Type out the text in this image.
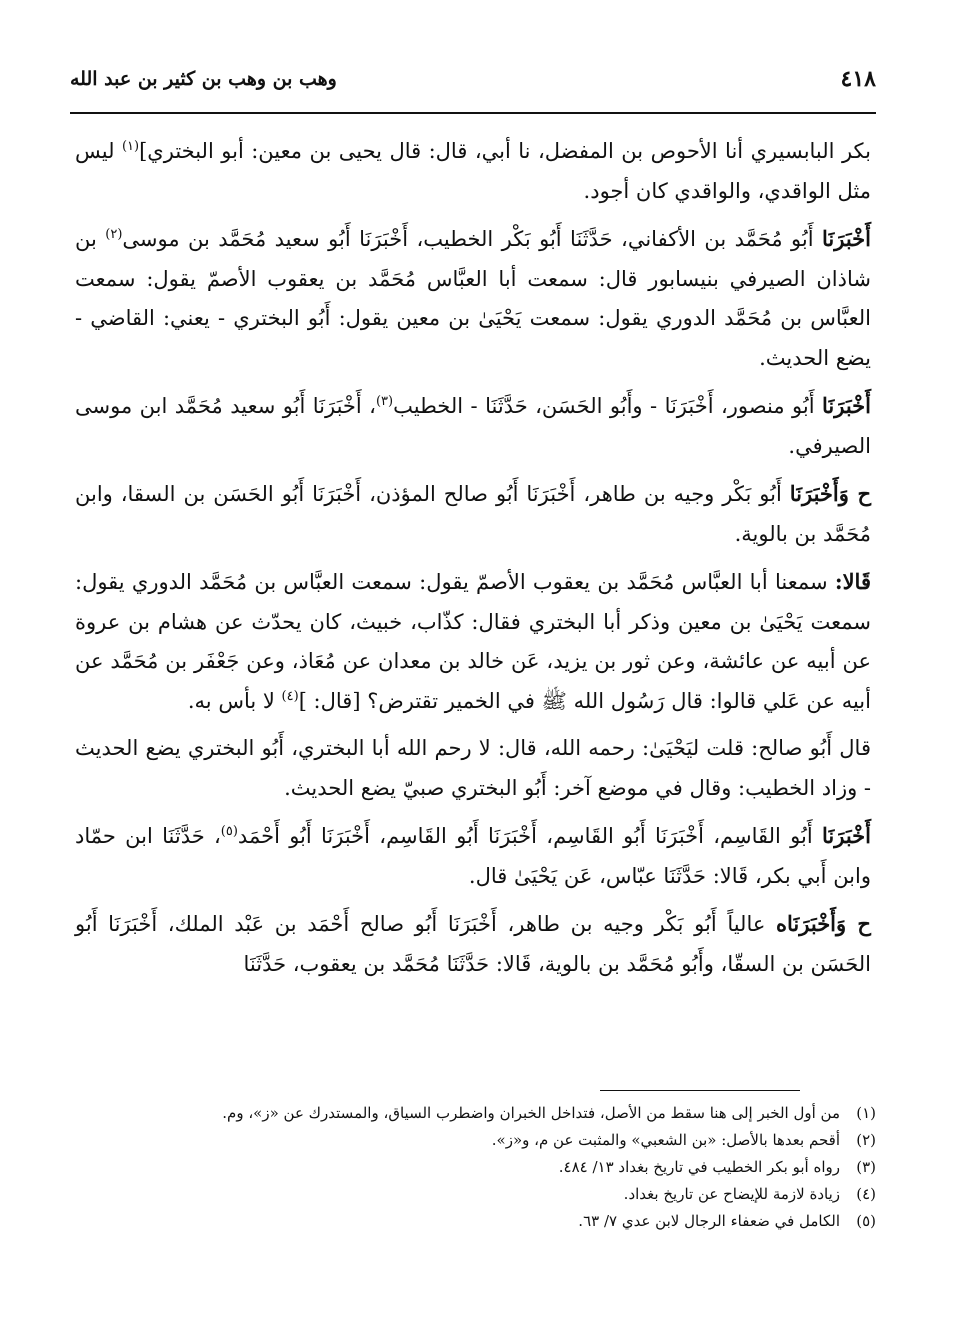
٤١٨
وهب بن وهب بن كثير بن عبد الله

بكر البابسيري أنا الأحوص بن المفضل، نا أبي، قال: قال يحيى بن معين: أبو البختري]$^{(١)}$ ليس مثل الواقدي، والواقدي كان أجود.

أَخْبَرَنَا أَبُو مُحَمَّد بن الأكفاني، حَدَّثَنَا أَبُو بَكْر الخطيب، أَخْبَرَنَا أَبُو سعيد مُحَمَّد بن موسى$^{(٢)}$ بن شاذان الصيرفي بنيسابور قال: سمعت أبا العبَّاس مُحَمَّد بن يعقوب الأصمّ يقول: سمعت العبَّاس بن مُحَمَّد الدوري يقول: سمعت يَحْيَىٰ بن معين يقول: أَبُو البختري - يعني: القاضي - يضع الحديث.

أَخْبَرَنَا أَبُو منصور، أَخْبَرَنَا - وأَبُو الحَسَن، حَدَّثَنَا - الخطيب$^{(٣)}$، أَخْبَرَنَا أَبُو سعيد مُحَمَّد ابن موسى الصيرفي.

ح وَأَخْبَرَنَا أَبُو بَكْر وجيه بن طاهر، أَخْبَرَنَا أَبُو صالح المؤذن، أَخْبَرَنَا أَبُو الحَسَن بن السقا، وابن مُحَمَّد بن بالوية.

قَالا: سمعنا أبا العبَّاس مُحَمَّد بن يعقوب الأصمّ يقول: سمعت العبَّاس بن مُحَمَّد الدوري يقول: سمعت يَحْيَىٰ بن معين وذكر أبا البختري فقال: كذّاب، خبيث، كان يحدّث عن هشام بن عروة عن أبيه عن عائشة، وعن ثور بن يزيد، عَن خالد بن معدان عن مُعَاذ، وعن جَعْفَر بن مُحَمَّد عن أبيه عن عَلي قالوا: قال رَسُول الله ﷺ في الخمير تقترض؟ [قال: ]$^{(٤)}$ لا بأس به.

قال أَبُو صالح: قلت ليَحْيَىٰ: رحمه الله، قال: لا رحم الله أبا البختري، أَبُو البختري يضع الحديث - وزاد الخطيب: وقال في موضع آخر: أَبُو البختري صبيّ يضع الحديث.

أَخْبَرَنَا أَبُو القَاسِم، أَخْبَرَنَا أَبُو القَاسِم، أَخْبَرَنَا أَبُو القَاسِم، أَخْبَرَنَا أَبُو أَحْمَد$^{(٥)}$، حَدَّثَنَا ابن حمّاد وابن أَبي بكر، قَالا: حَدَّثَنَا عبّاس، عَن يَحْيَىٰ قال.

ح وَأَخْبَرَنَاه عالياً أَبُو بَكْر وجيه بن طاهر، أَخْبَرَنَا أَبُو صالح أَحْمَد بن عَبْد الملك، أَخْبَرَنَا أَبُو الحَسَن بن السقّا، وأَبُو مُحَمَّد بن بالوية، قَالا: حَدَّثَنَا مُحَمَّد بن يعقوب، حَدَّثَنَا

(١)
من أول الخبر إلى هنا سقط من الأصل، فتداخل الخبران واضطرب السياق، والمستدرك عن «ز»، وم.
(٢)
أقحم بعدها بالأصل: «بن الشعبي» والمثبت عن م، و«ز».
(٣)
رواه أبو بكر الخطيب في تاريخ بغداد ١٣/ ٤٨٤.
(٤)
زيادة لازمة للإيضاح عن تاريخ بغداد.
(٥)
الكامل في ضعفاء الرجال لابن عدي ٧/ ٦٣.
